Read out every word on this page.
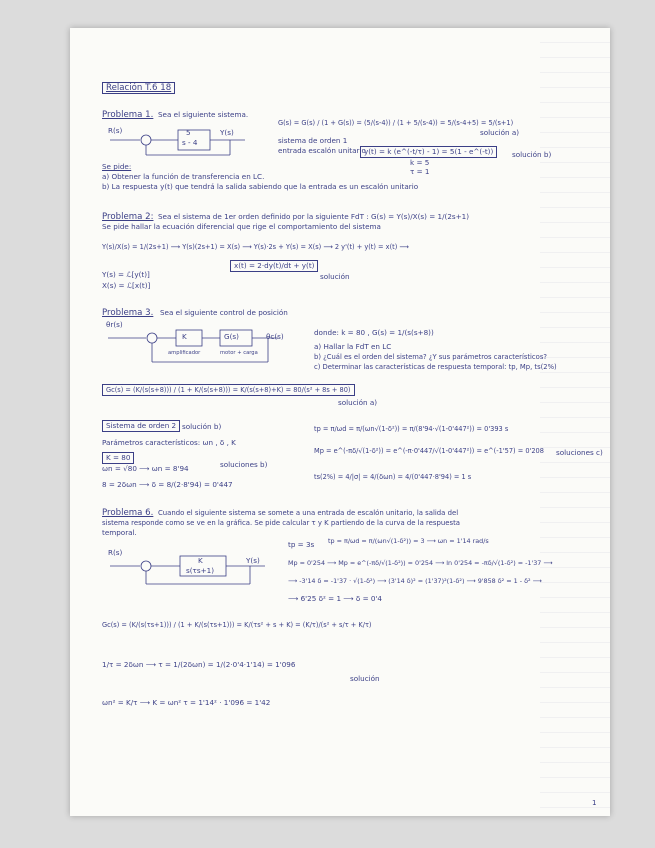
Relación T.6 18

Problema 1. Sea el siguiente sistema.

R(s)	5

s - 4

Y(s)

G(s) = G(s) / (1 + G(s)) = (5/(s-4)) / (1 + 5/(s-4)) = 5/(s-4+5) = 5/(s+1)

solución a)

sistema de orden 1

entrada escalón unitario

y(t) = k (e^(-t/τ) - 1) = 5(1 - e^(-t))	solución b)

k = 5

τ = 1

Se pide:

a) Obtener la función de transferencia en LC.

b) La respuesta y(t) que tendrá la salida sabiendo que la entrada es un escalón unitario

Problema 2: Sea el sistema de 1er orden definido por la siguiente FdT : G(s) = Y(s)/X(s) = 1/(2s+1)

Se pide hallar la ecuación diferencial que rige el comportamiento del sistema

Y(s)/X(s) = 1/(2s+1) ⟶ Y(s)(2s+1) = X(s) ⟶ Y(s)·2s + Y(s) = X(s) ⟶ 2 y'(t) + y(t) = x(t) ⟶

Y(s) = ℒ[y(t)]

X(s) = ℒ[x(t)]

x(t) = 2·dy(t)/dt + y(t)

solución

Problema 3. Sea el siguiente control de posición

θr(s)

K

amplificador

G(s)

motor + carga

θc(s)	donde: k = 80 , G(s) = 1/(s(s+8))

a) Hallar la FdT en LC

b) ¿Cuál es el orden del sistema? ¿Y sus parámetros característicos?

c) Determinar las características de respuesta temporal: tp, Mp, ts(2%)

Gc(s) = (K/(s(s+8))) / (1 + K/(s(s+8))) = K/(s(s+8)+K) = 80/(s² + 8s + 80)

solución a)

Sistema de orden 2 solución b)

Parámetros característicos: ωn , δ , K

K = 80

ωn = √80 ⟶ ωn = 8'94	soluciones b)

8 = 2δωn ⟶ δ = 8/(2·8'94) = 0'447

tp = π/ωd = π/(ωn√(1-δ²)) = π/(8'94·√(1-0'447²)) = 0'393 s

Mp = e^(-πδ/√(1-δ²)) = e^(-π·0'447/√(1-0'447²)) = e^(-1'57) = 0'208 soluciones c)

ts(2%) = 4/|σ| = 4/(δωn) = 4/(0'447·8'94) = 1 s

Problema 6. Cuando el siguiente sistema se somete a una entrada de escalón unitario, la salida del

sistema responde como se ve en la gráfica. Se pide calcular τ y K partiendo de la curva de la respuesta

temporal.

R(s)

K

s(τs+1)

Y(s)

tp = 3s tp = π/ωd = π/(ωn√(1-δ²)) = 3 ⟶ ωn = 1'14 rad/s

Mp = 0'254 ⟶ Mp = e^(-πδ/√(1-δ²)) = 0'254 ⟶ ln 0'254 = -πδ/√(1-δ²) = -1'37 ⟶

⟶ -3'14 δ = -1'37 · √(1-δ²) ⟶ (3'14 δ)² = (1'37)²(1-δ²) ⟶ 9'858 δ² = 1 - δ² ⟶

⟶ 6'25 δ² = 1 ⟶ δ = 0'4

Gc(s) = (K/(s(τs+1))) / (1 + K/(s(τs+1))) = K/(τs² + s + K) = (K/τ)/(s² + s/τ + K/τ)

1/τ = 2δωn ⟶ τ = 1/(2δωn) = 1/(2·0'4·1'14) = 1'096

solución

ωn² = K/τ ⟶ K = ωn² τ = 1'14² · 1'096 = 1'42

1
